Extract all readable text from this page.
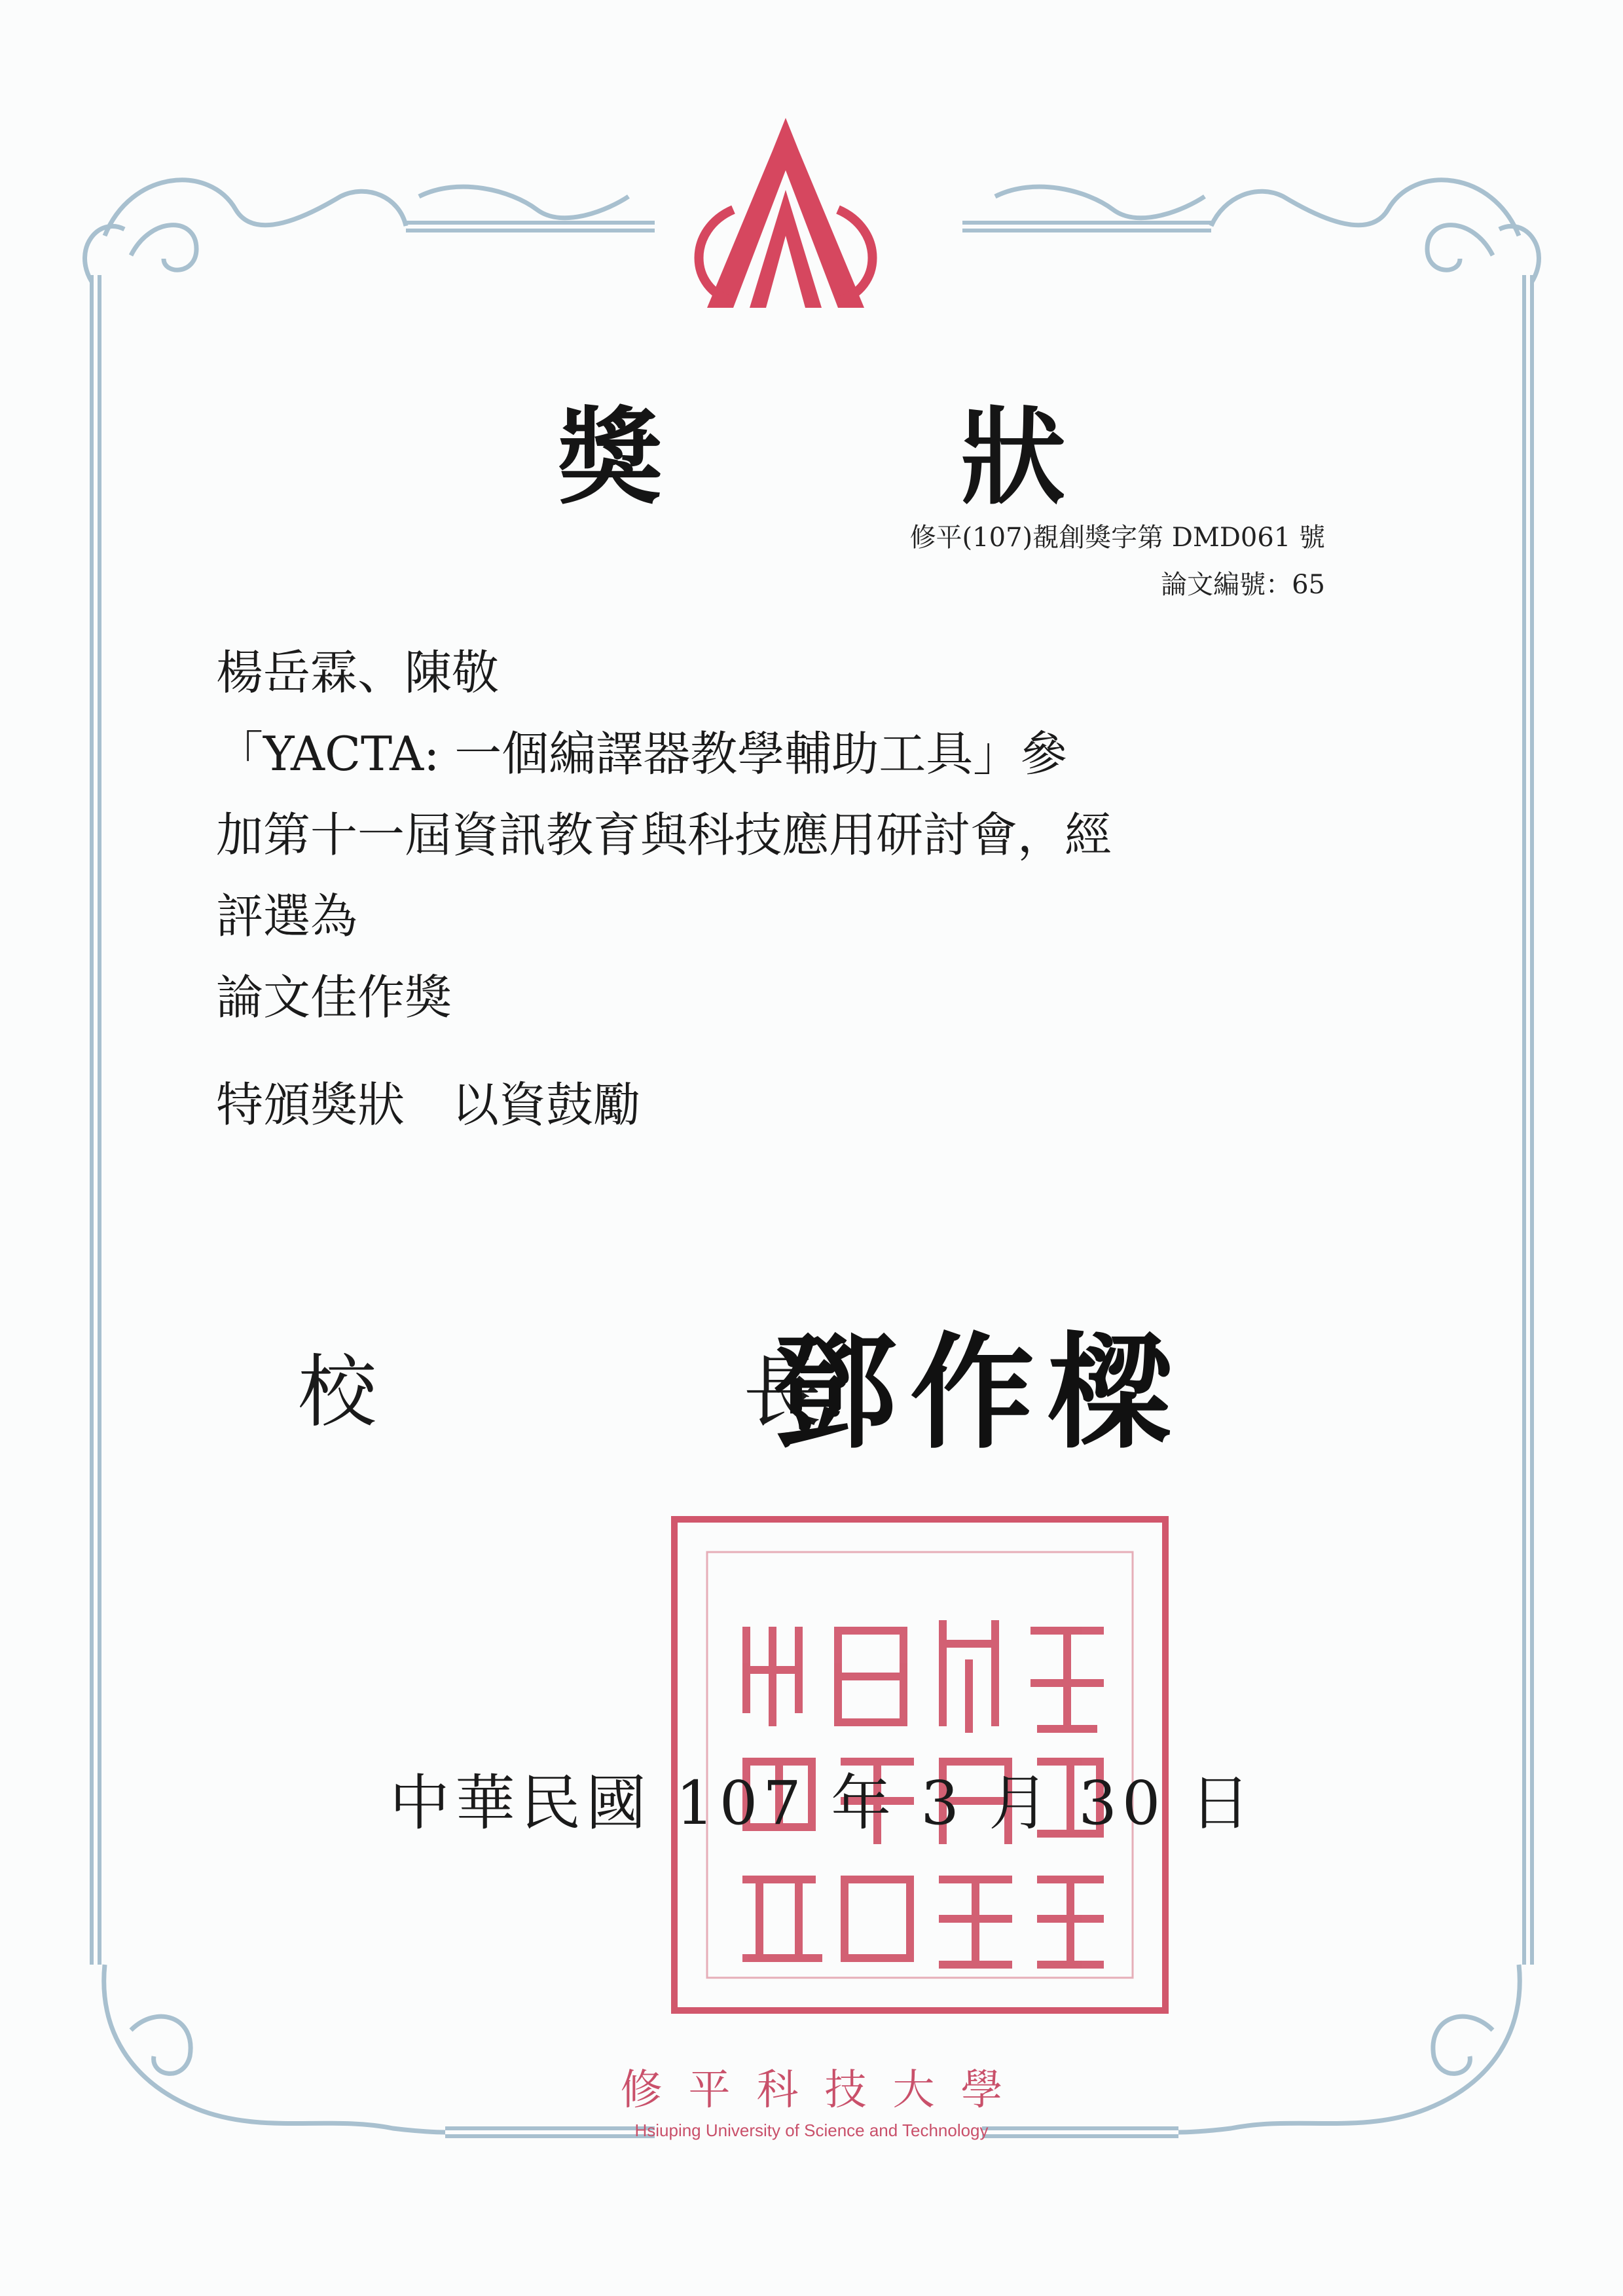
獎 狀
修平(107)覩創獎字第 DMD061 號
論文編號：65
楊岳霖、陳敬
「YACTA: 一個編譯器教學輔助工具」參
加第十一屆資訊教育與科技應用研討會，經
評選為
論文佳作獎
特頒獎狀　以資鼓勵
校　長
鄧作樑
中華民國 107 年 3 月 30 日
修平科技大學
Hsiuping University of Science and Technology
